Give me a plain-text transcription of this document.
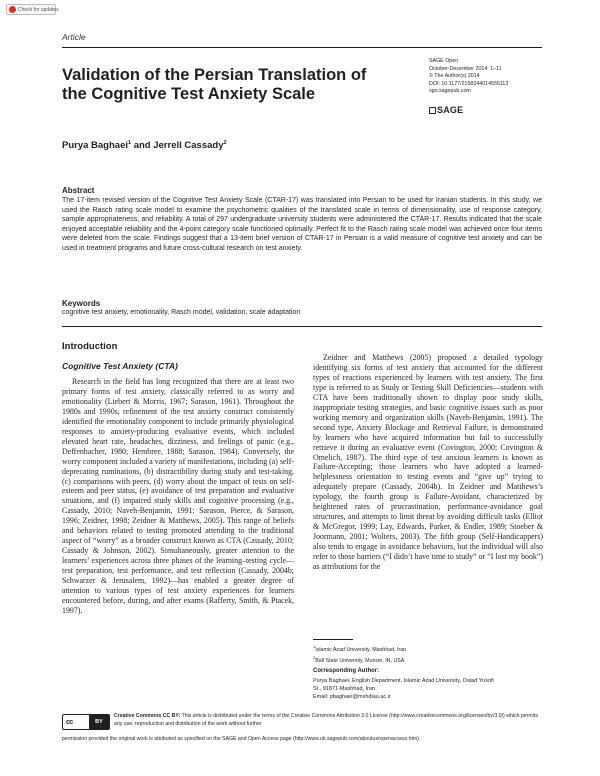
Check for updates
Article
Validation of the Persian Translation of the Cognitive Test Anxiety Scale
SAGE Open
October-December 2014: 1–11
© The Author(s) 2014
DOI: 10.1177/2158244014555113
sgo.sagepub.com
SAGE
Purya Baghaei$^1$ and Jerrell Cassady$^2$
Abstract

The 17-item revised version of the Cognitive Test Anxiety Scale (CTAR-17) was translated into Persian to be used for Iranian students. In this study, we used the Rasch rating scale model to examine the psychometric qualities of the translated scale in terms of dimensionality, use of response category, sample appropriateness, and reliability. A total of 297 undergraduate university students were administered the CTAR-17. Results indicated that the scale enjoyed acceptable reliability and the 4-point category scale functioned optimally. Perfect fit to the Rasch rating scale model was achieved once four items were deleted from the scale. Findings suggest that a 13-item brief version of CTAR-17 in Persian is a valid measure of cognitive test anxiety and can be used in treatment programs and future cross-cultural research on test anxiety.

Keywords

cognitive test anxiety, emotionality, Rasch model, validation, scale adaptation

Introduction
Cognitive Test Anxiety (CTA)

Research in the field has long recognized that there are at least two primary forms of test anxiety, classically referred to as worry and emotionality (Liebert & Morris, 1967; Sarason, 1961). Throughout the 1980s and 1990s, refinement of the test anxiety construct consistently identified the emotionality component to include primarily physiological responses to anxiety-producing evaluative events, which included elevated heart rate, headaches, dizziness, and feelings of panic (e.g., Deffenbacher, 1980; Hembree, 1988; Sarason, 1984). Conversely, the worry component included a variety of manifestations, including (a) self-deprecating ruminations, (b) distractibility during study and test-taking, (c) comparisons with peers, (d) worry about the impact of tests on self-esteem and peer status, (e) avoidance of test preparation and evaluative situations, and (f) impaired study skills and cognitive processing (e.g., Cassady, 2010; Naveh-Benjamin, 1991; Sarason, Pierce, & Sarason, 1996; Zeidner, 1998; Zeidner & Matthews, 2005). This range of beliefs and behaviors related to testing promoted attending to the traditional aspect of “worry” as a broader construct known as CTA (Cassady, 2010; Cassady & Johnson, 2002). Simultaneously, greater attention to the learners’ experiences across three phases of the learning–testing cycle—test preparation, test performance, and test reflection (Cassady, 2004b; Schwarzer & Jerusalem, 1992)—has enabled a greater degree of attention to various types of test anxiety experiences for learners encountered before, during, and after exams (Rafferty, Smith, & Ptacek, 1997).

Zeidner and Matthews (2005) proposed a detailed typology identifying six forms of test anxiety that accounted for the different types of reactions experienced by learners with test anxiety. The first type is referred to as Study or Testing Skill Deficiencies—students with CTA have been traditionally shown to display poor study skills, inappropriate testing strategies, and basic cognitive issues such as poor working memory and organization skills (Naveh-Benjamin, 1991). The second type, Anxiety Blockage and Retrieval Failure, is demonstrated by learners who have acquired information but fail to successfully retrieve it during an evaluative event (Covington, 2000; Covington & Omelich, 1987). The third type of test anxious learners is known as Failure-Accepting; those learners who have adopted a learned-helplessness orientation to testing events and “give up” trying to adequately prepare (Cassady, 2004b). In Zeidner and Matthews’s typology, the fourth group is Failure-Avoidant, characterized by heightened rates of procrastination, performance-avoidance goal structures, and attempts to limit threat by avoiding difficult tasks (Elliot & McGregor, 1999; Lay, Edwards, Parker, & Endler, 1989; Stoeber & Joormann, 2001; Wolters, 2003). The fifth group (Self-Handicappers) also tends to engage in avoidance behaviors, but the individual will also refer to those barriers (“I didn’t have time to study” or “I lost my book”) as attributions for the

$^1$Islamic Azad University, Mashhad, Iran
$^2$Ball State University, Muncie, IN, USA
Corresponding Author:
Purya Baghaei, English Department, Islamic Azad University, Ostad Yusofi
St., 91871-Mashhad, Iran.
Email: pbaghaei@mshdiau.ac.ir
cc	BY

Creative Commons CC BY: This article is distributed under the terms of the Creative Commons Attribution 3.0 License (http://www.creativecommons.org/licenses/by/3.0/) which permits any use, reproduction and distribution of the work without further

permission provided the original work is attributed as specified on the SAGE and Open Access page (http://www.uk.sagepub.com/aboutus/openaccess.htm).
